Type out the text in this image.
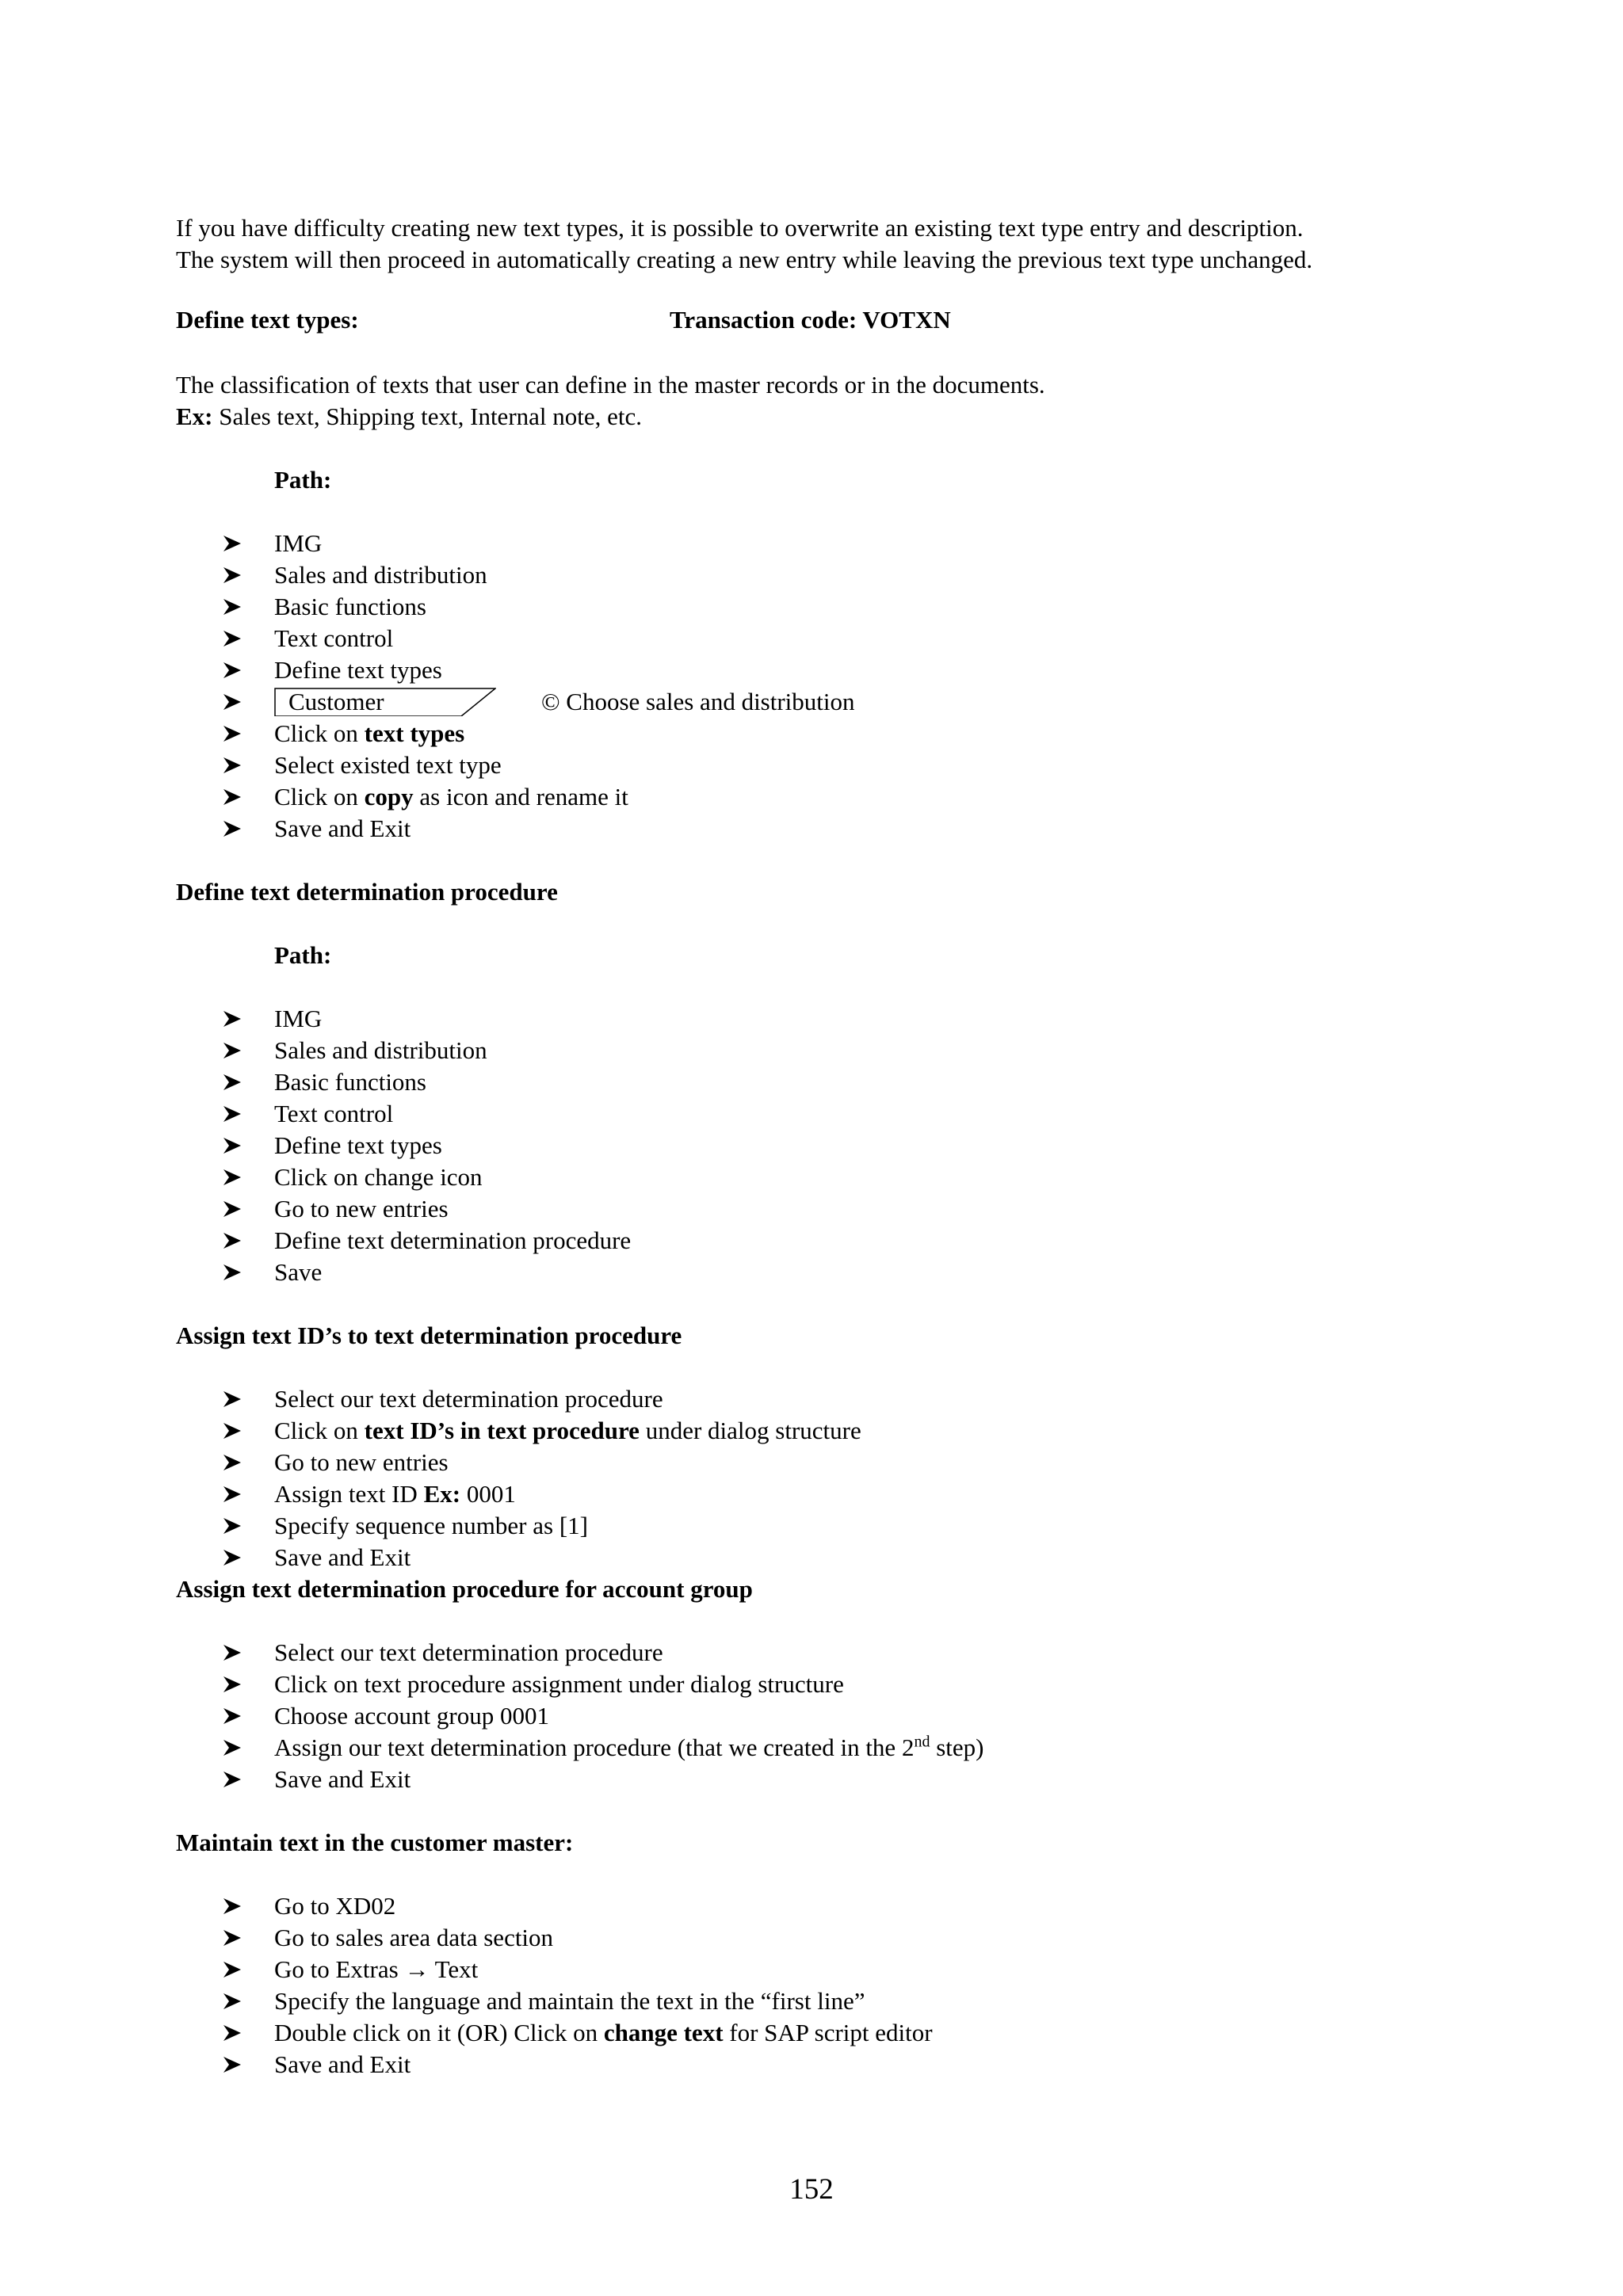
If you have difficulty creating new text types, it is possible to overwrite an existing text type entry and description.
The system will then proceed in automatically creating a new entry while leaving the previous text type unchanged.
Define text types:	Transaction code: VOTXN
The classification of texts that user can define in the master records or in the documents.
Ex: Sales text, Shipping text, Internal note, etc.
Path:
IMG
Sales and distribution
Basic functions
Text control
Define text types
Customer	© Choose sales and distribution
Click on text types
Select existed text type
Click on copy as icon and rename it
Save and Exit
Define text determination procedure
Path:
IMG
Sales and distribution
Basic functions
Text control
Define text types
Click on change icon
Go to new entries
Define text determination procedure
Save
Assign text ID’s to text determination procedure
Select our text determination procedure
Click on text ID’s in text procedure under dialog structure
Go to new entries
Assign text ID Ex: 0001
Specify sequence number as [1]
Save and Exit
Assign text determination procedure for account group
Select our text determination procedure
Click on text procedure assignment under dialog structure
Choose account group 0001
Assign our text determination procedure (that we created in the 2nd step)
Save and Exit
Maintain text in the customer master:
Go to XD02
Go to sales area data section
Go to Extras → Text
Specify the language and maintain the text in the “first line”
Double click on it (OR) Click on change text for SAP script editor
Save and Exit
152
